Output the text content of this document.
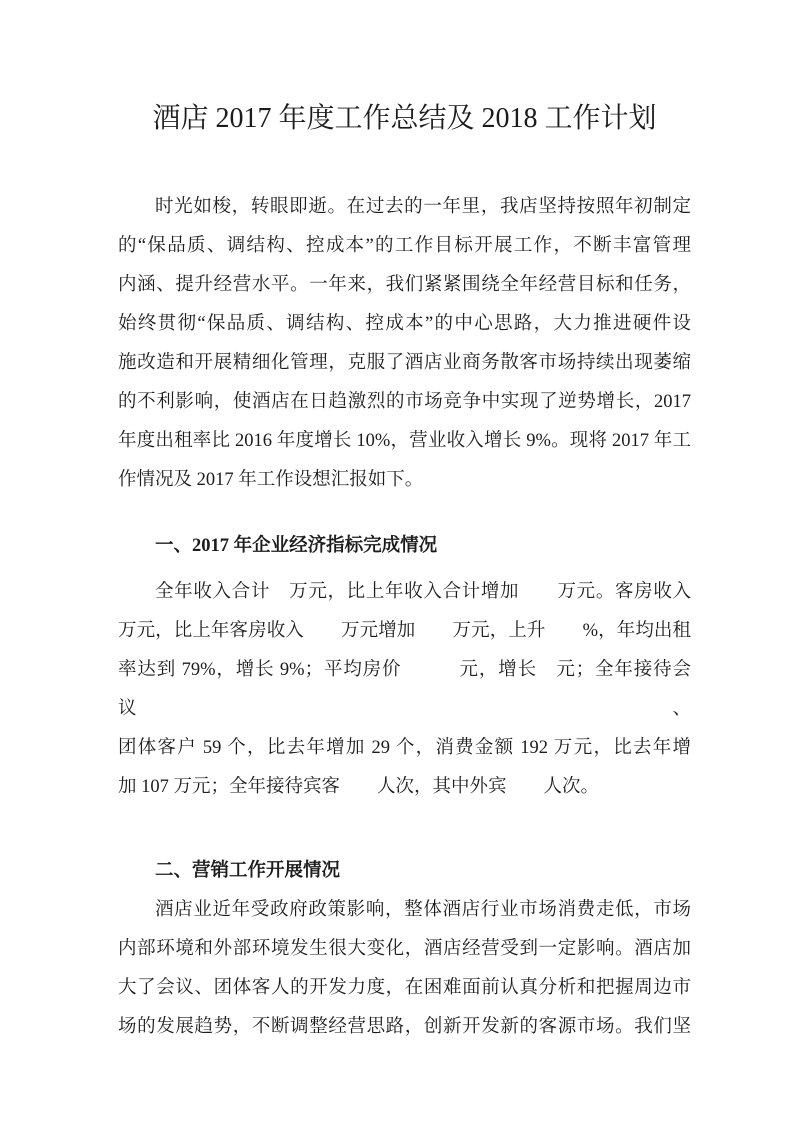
酒店 2017 年度工作总结及 2018 工作计划

时光如梭，转眼即逝。在过去的一年里，我店坚持按照年初制定

的“保品质、调结构、控成本”的工作目标开展工作，不断丰富管理

内涵、提升经营水平。一年来，我们紧紧围绕全年经营目标和任务，

始终贯彻“保品质、调结构、控成本”的中心思路，大力推进硬件设

施改造和开展精细化管理，克服了酒店业商务散客市场持续出现萎缩

的不利影响，使酒店在日趋激烈的市场竞争中实现了逆势增长，2017

年度出租率比 2016 年度增长 10%，营业收入增长 9%。现将 2017 年工

作情况及 2017 年工作设想汇报如下。

一、2017 年企业经济指标完成情况

全年收入合计　万元，比上年收入合计增加　　万元。客房收入

万元，比上年客房收入　　万元增加　　万元，上升　　%，年均出租

率达到 79%，增长 9%；平均房价　　　元，增长　元；全年接待会议、

团体客户 59 个，比去年增加 29 个，消费金额 192 万元，比去年增

加 107 万元；全年接待宾客　　人次，其中外宾　　人次。

二、营销工作开展情况

酒店业近年受政府政策影响，整体酒店行业市场消费走低，市场

内部环境和外部环境发生很大变化，酒店经营受到一定影响。酒店加

大了会议、团体客人的开发力度，在困难面前认真分析和把握周边市

场的发展趋势，不断调整经营思路，创新开发新的客源市场。我们坚
